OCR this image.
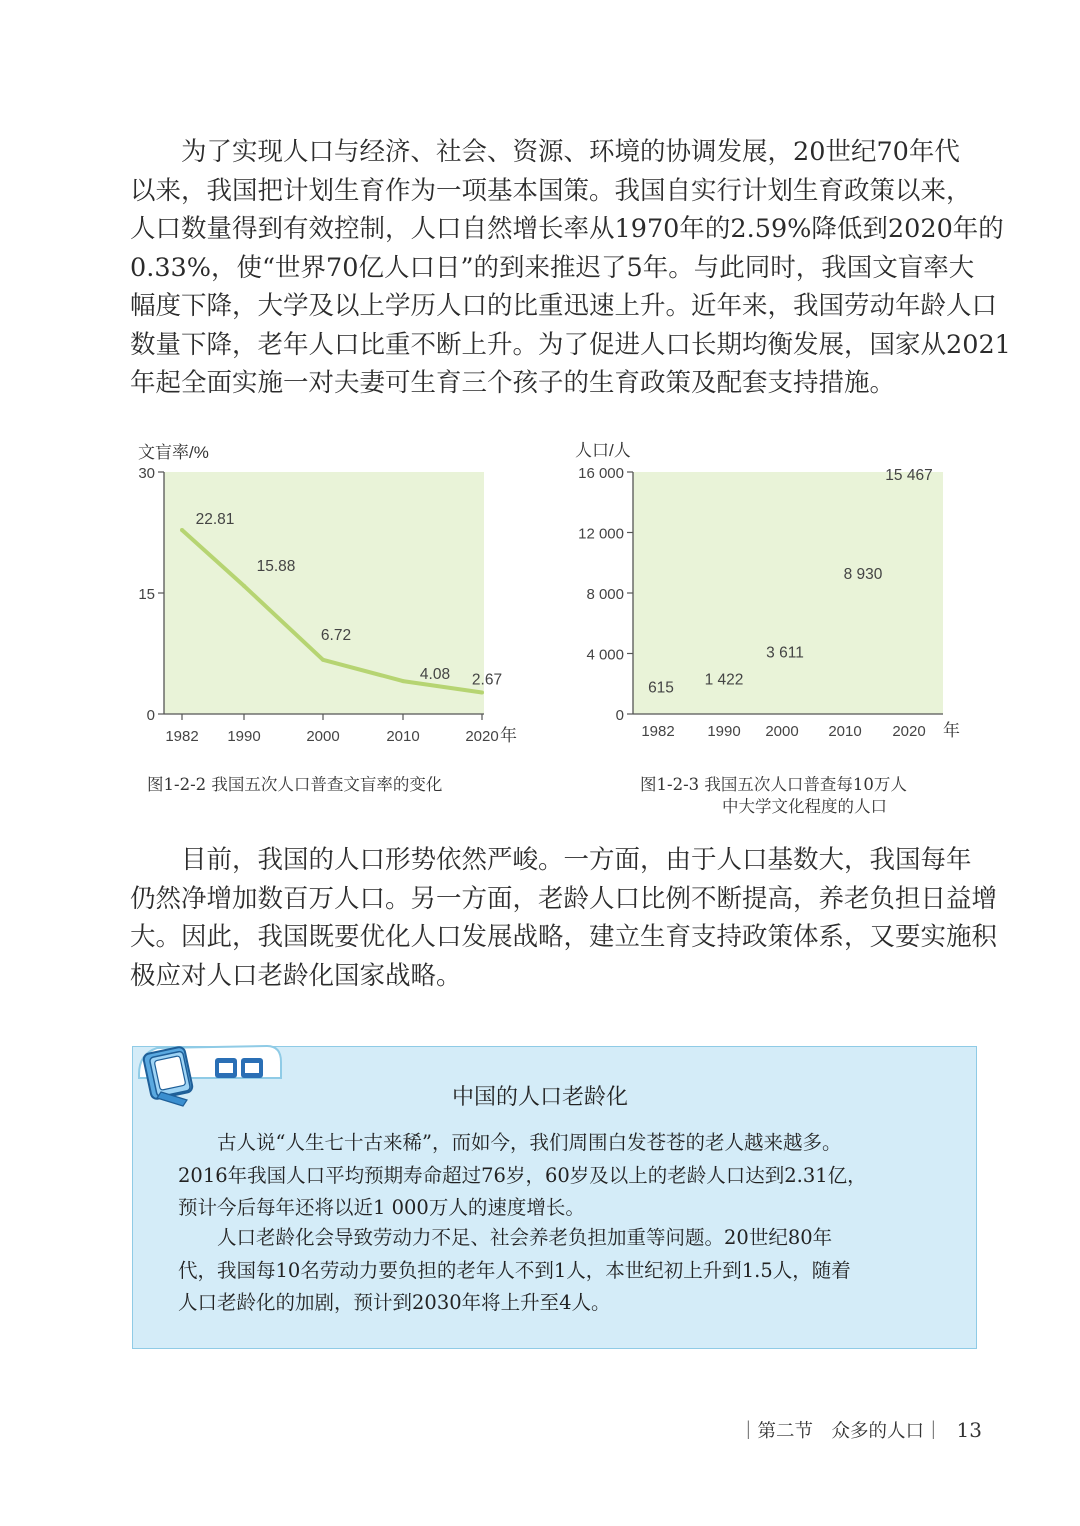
　　为了实现人口与经济、社会、资源、环境的协调发展，20世纪70年代
以来，我国把计划生育作为一项基本国策。我国自实行计划生育政策以来，
人口数量得到有效控制，人口自然增长率从1970年的2.59%降低到2020年的
0.33%，使“世界70亿人口日”的到来推迟了5年。与此同时，我国文盲率大
幅度下降，大学及以上学历人口的比重迅速上升。近年来，我国劳动年龄人口
数量下降，老年人口比重不断上升。为了促进人口长期均衡发展，国家从2021
年起全面实施一对夫妻可生育三个孩子的生育政策及配套支持措施。
0
15
30
文盲率/%
1982 1990	2000	2010	2020 年
22.81
15.88
6.72
4.08 2.67
0
4 000
8 000
12 000
16 000
人口/人
1982 1990 2000 2010 2020 年
615 1 422
3 611
8 930
15 467
图1-2-2 我国五次人口普查文盲率的变化	图1-2-3 我国五次人口普查每10万人
中大学文化程度的人口
　　目前，我国的人口形势依然严峻。一方面，由于人口基数大，我国每年
仍然净增加数百万人口。另一方面，老龄人口比例不断提高，养老负担日益增
大。因此，我国既要优化人口发展战略，建立生育支持政策体系，又要实施积
极应对人口老龄化国家战略。
阅读	中国的人口老龄化
　　古人说“人生七十古来稀”，而如今，我们周围白发苍苍的老人越来越多。
2016年我国人口平均预期寿命超过76岁，60岁及以上的老龄人口达到2.31亿，
预计今后每年还将以近1 000万人的速度增长。
　　人口老龄化会导致劳动力不足、社会养老负担加重等问题。20世纪80年
代，我国每10名劳动力要负担的老年人不到1人，本世纪初上升到1.5人，随着
人口老龄化的加剧，预计到2030年将上升至4人。
｜第二节　众多的人口｜ 13
